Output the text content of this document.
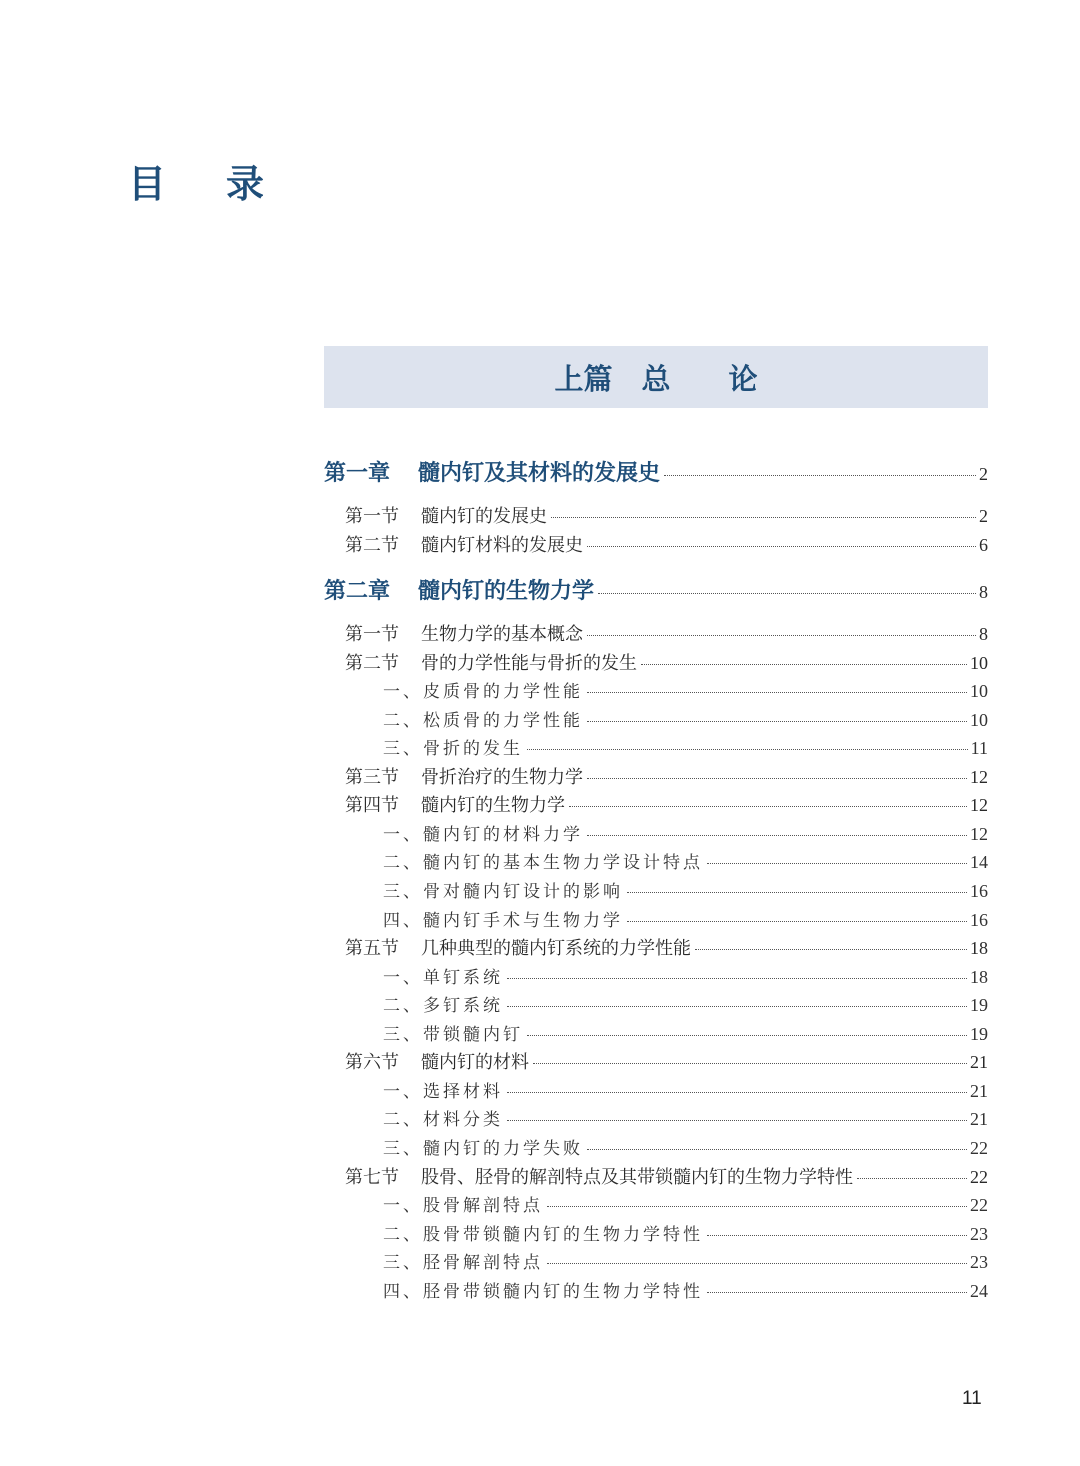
目录
上篇　总　　论
第一章	髓内钉及其材料的发展史	2
第一节	髓内钉的发展史	2
第二节	髓内钉材料的发展史	6
第二章	髓内钉的生物力学	8
第一节	生物力学的基本概念	8
第二节	骨的力学性能与骨折的发生	10
一、 皮质骨的力学性能	10
二、 松质骨的力学性能	10
三、 骨折的发生	11
第三节	骨折治疗的生物力学	12
第四节	髓内钉的生物力学	12
一、 髓内钉的材料力学	12
二、 髓内钉的基本生物力学设计特点	14
三、 骨对髓内钉设计的影响	16
四、 髓内钉手术与生物力学	16
第五节	几种典型的髓内钉系统的力学性能	18
一、 单钉系统	18
二、 多钉系统	19
三、 带锁髓内钉	19
第六节	髓内钉的材料	21
一、 选择材料	21
二、 材料分类	21
三、 髓内钉的力学失败	22
第七节	股骨、胫骨的解剖特点及其带锁髓内钉的生物力学特性	22
一、 股骨解剖特点	22
二、 股骨带锁髓内钉的生物力学特性	23
三、 胫骨解剖特点	23
四、 胫骨带锁髓内钉的生物力学特性	24
11
